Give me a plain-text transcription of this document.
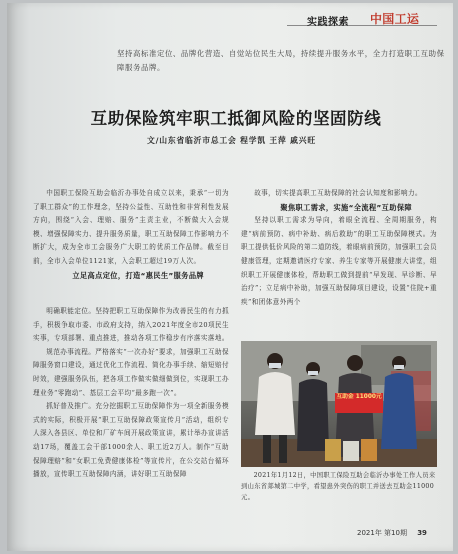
实践探索 中国工运
坚持高标准定位、品牌化营造、自觉站位民生大局，持续提升服务水平，全力打造职工互助保障服务品牌。
互助保险筑牢职工抵御风险的坚固防线
文/山东省临沂市总工会 程学凯 王萍 戚兴旺

中国职工保险互助会临沂办事处自成立以来，秉承“一切为了职工群众”的工作理念，坚持公益性、互助性和非营利性发展方向，围绕“入会、理赔、服务”主责主业，不断做大入会规模、增强保障实力、提升服务质量，职工互助保障工作影响力不断扩大，成为全市工会服务广大职工的优质工作品牌。截至目前，全市入会单位1121家，入会职工超过19万人次。

立足高点定位，打造“惠民生”服务品牌

明确职能定位。坚持把职工互助保障作为改善民生的有力抓手，积极争取市委、市政府支持，纳入2021年度全市20项民生实事，专项部署、重点推进，推动各项工作稳步有序落实落地。

规范办事流程。严格落实“一次办好”要求，加强职工互助保障服务窗口建设，通过优化工作流程、简化办事手续、缩短赔付时效，建强服务队伍，把各项工作做实做细做到位，实现职工办理业务“零跑动”、基层工会平均“最多跑一次”。

抓好普及推广。充分挖掘职工互助保障作为一项全新服务模式的实际，积极开展“职工互助保障政策宣传月”活动，组织专人深入各县区、单位和厂矿车间开展政策宣讲，累计举办宣讲活动17场，覆盖工会干部1000余人、职工近2万人。制作“互助保障理赔”和“女职工免费健康体检”等宣传片，在公交站台循环播放，宣传职工互助保障内涵，讲好职工互助保障

故事，切实提高职工互助保障的社会认知度和影响力。

聚焦职工需求，实施“全流程”互助保障

坚持以职工需求为导向，着眼全流程、全周期服务，构建“病前预防、病中补助、病后救助”的职工互助保障模式。为职工提供低价风险的第二道防线，着眼病前预防，加强职工会员健康管理，定期邀请医疗专家、养生专家等开展健康大讲堂，组织职工开展健康体检，帮助职工做到提前“早发现、早诊断、早治疗”；立足病中补助，加强互助保障项目建设，设置“住院+重疾”和团体意外两个

互助金 11000元

2021年1月12日，中国职工保险互助会临沂办事处工作人员来到山东省郯城第二中学，看望患外突伤的职工并送去互助金11000元。

2021年 第10期 39
